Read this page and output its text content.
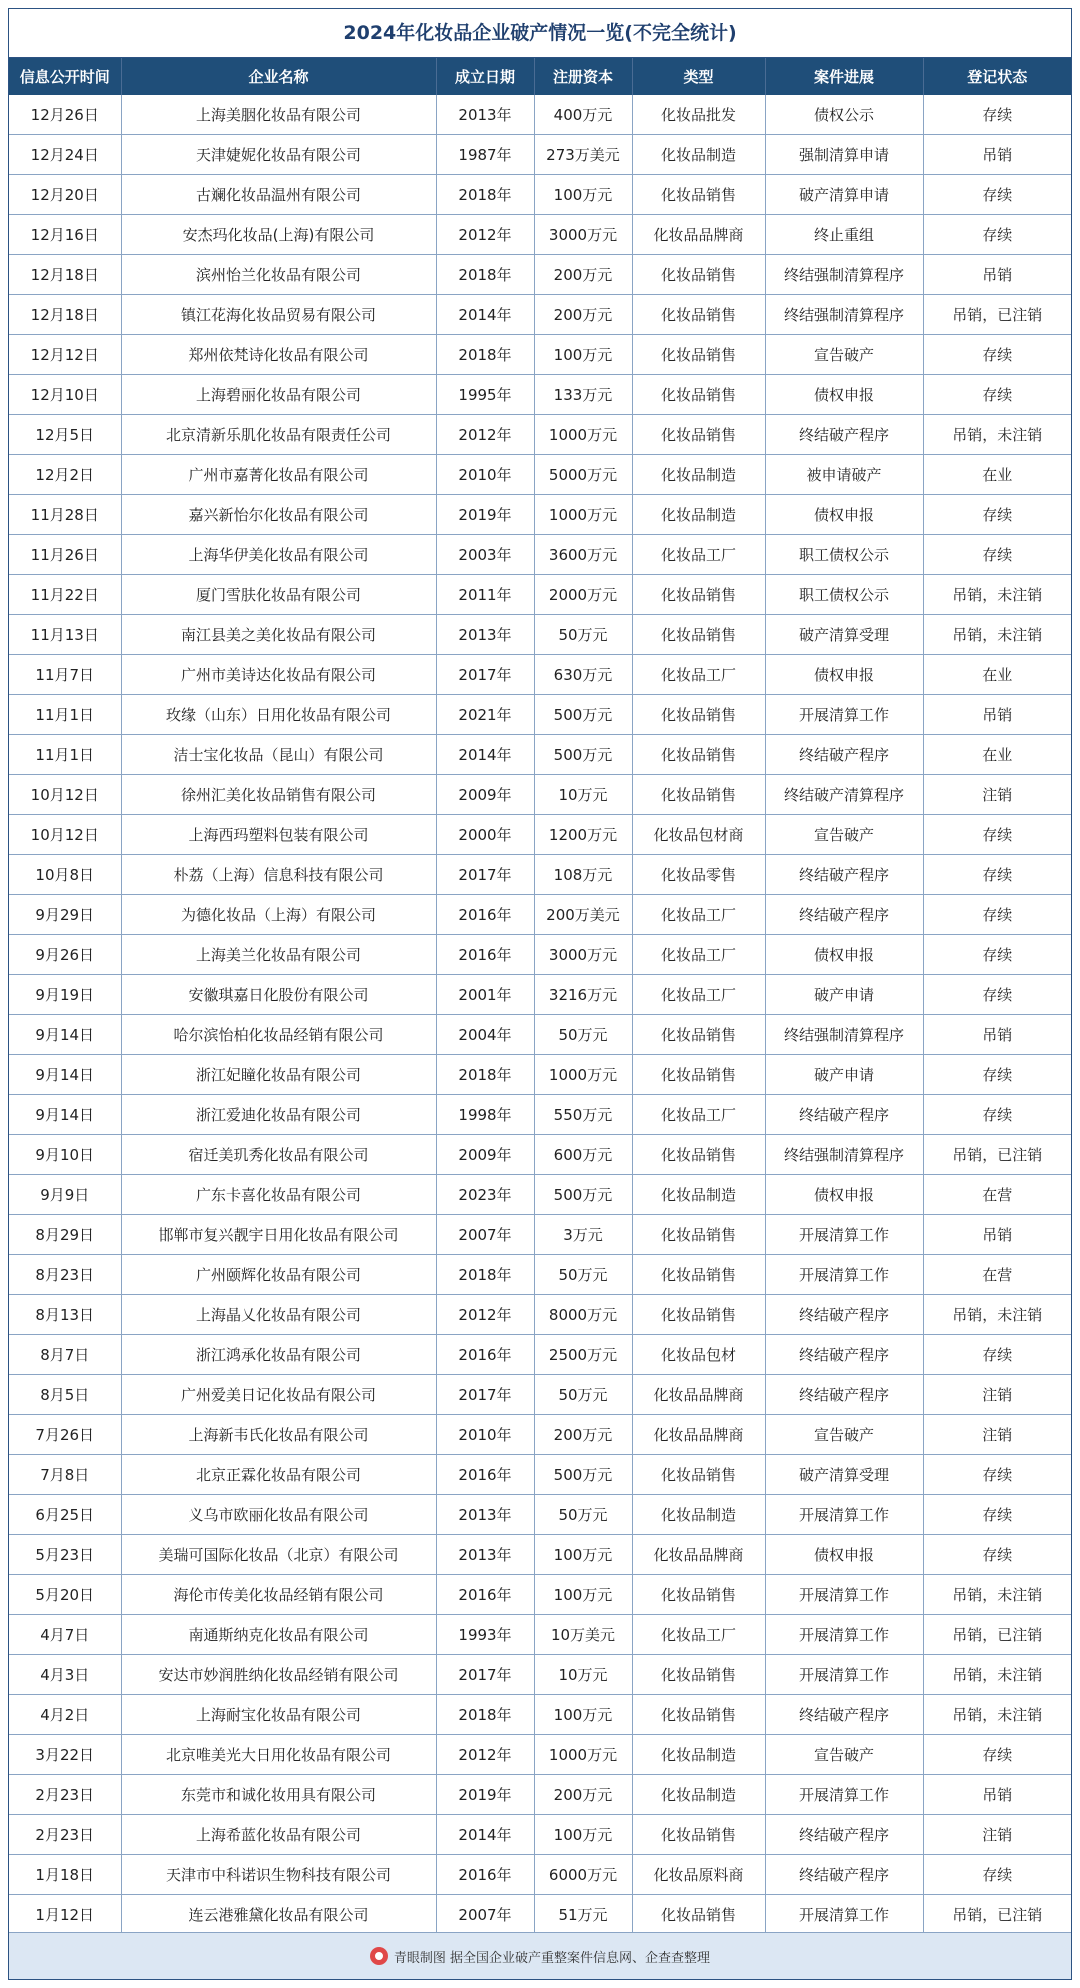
2024年化妆品企业破产情况一览(不完全统计)
信息公开时间	企业名称	成立日期	注册资本	类型	案件进展	登记状态
12月26日	上海美胭化妆品有限公司	2013年	400万元	化妆品批发	债权公示	存续
12月24日	天津婕妮化妆品有限公司	1987年	273万美元	化妆品制造	强制清算申请	吊销
12月20日	古斓化妆品温州有限公司	2018年	100万元	化妆品销售	破产清算申请	存续
12月16日	安杰玛化妆品(上海)有限公司	2012年	3000万元	化妆品品牌商	终止重组	存续
12月18日	滨州怡兰化妆品有限公司	2018年	200万元	化妆品销售	终结强制清算程序	吊销
12月18日	镇江花海化妆品贸易有限公司	2014年	200万元	化妆品销售	终结强制清算程序	吊销，已注销
12月12日	郑州依梵诗化妆品有限公司	2018年	100万元	化妆品销售	宣告破产	存续
12月10日	上海碧丽化妆品有限公司	1995年	133万元	化妆品销售	债权申报	存续
12月5日	北京清新乐肌化妆品有限责任公司	2012年	1000万元	化妆品销售	终结破产程序	吊销，未注销
12月2日	广州市嘉菁化妆品有限公司	2010年	5000万元	化妆品制造	被申请破产	在业
11月28日	嘉兴新怡尔化妆品有限公司	2019年	1000万元	化妆品制造	债权申报	存续
11月26日	上海华伊美化妆品有限公司	2003年	3600万元	化妆品工厂	职工债权公示	存续
11月22日	厦门雪肤化妆品有限公司	2011年	2000万元	化妆品销售	职工债权公示	吊销，未注销
11月13日	南江县美之美化妆品有限公司	2013年	50万元	化妆品销售	破产清算受理	吊销，未注销
11月7日	广州市美诗达化妆品有限公司	2017年	630万元	化妆品工厂	债权申报	在业
11月1日	玫缘（山东）日用化妆品有限公司	2021年	500万元	化妆品销售	开展清算工作	吊销
11月1日	洁士宝化妆品（昆山）有限公司	2014年	500万元	化妆品销售	终结破产程序	在业
10月12日	徐州汇美化妆品销售有限公司	2009年	10万元	化妆品销售	终结破产清算程序	注销
10月12日	上海西玛塑料包装有限公司	2000年	1200万元	化妆品包材商	宣告破产	存续
10月8日	朴荔（上海）信息科技有限公司	2017年	108万元	化妆品零售	终结破产程序	存续
9月29日	为德化妆品（上海）有限公司	2016年	200万美元	化妆品工厂	终结破产程序	存续
9月26日	上海美兰化妆品有限公司	2016年	3000万元	化妆品工厂	债权申报	存续
9月19日	安徽琪嘉日化股份有限公司	2001年	3216万元	化妆品工厂	破产申请	存续
9月14日	哈尔滨怡柏化妆品经销有限公司	2004年	50万元	化妆品销售	终结强制清算程序	吊销
9月14日	浙江妃瞳化妆品有限公司	2018年	1000万元	化妆品销售	破产申请	存续
9月14日	浙江爱迪化妆品有限公司	1998年	550万元	化妆品工厂	终结破产程序	存续
9月10日	宿迁美玑秀化妆品有限公司	2009年	600万元	化妆品销售	终结强制清算程序	吊销，已注销
9月9日	广东卡喜化妆品有限公司	2023年	500万元	化妆品制造	债权申报	在营
8月29日	邯郸市复兴靓宇日用化妆品有限公司	2007年	3万元	化妆品销售	开展清算工作	吊销
8月23日	广州颐辉化妆品有限公司	2018年	50万元	化妆品销售	开展清算工作	在营
8月13日	上海晶乂化妆品有限公司	2012年	8000万元	化妆品销售	终结破产程序	吊销，未注销
8月7日	浙江鸿承化妆品有限公司	2016年	2500万元	化妆品包材	终结破产程序	存续
8月5日	广州爱美日记化妆品有限公司	2017年	50万元	化妆品品牌商	终结破产程序	注销
7月26日	上海新韦氏化妆品有限公司	2010年	200万元	化妆品品牌商	宣告破产	注销
7月8日	北京正霖化妆品有限公司	2016年	500万元	化妆品销售	破产清算受理	存续
6月25日	义乌市欧丽化妆品有限公司	2013年	50万元	化妆品制造	开展清算工作	存续
5月23日	美瑞可国际化妆品（北京）有限公司	2013年	100万元	化妆品品牌商	债权申报	存续
5月20日	海伦市传美化妆品经销有限公司	2016年	100万元	化妆品销售	开展清算工作	吊销，未注销
4月7日	南通斯纳克化妆品有限公司	1993年	10万美元	化妆品工厂	开展清算工作	吊销，已注销
4月3日	安达市妙润胜纳化妆品经销有限公司	2017年	10万元	化妆品销售	开展清算工作	吊销，未注销
4月2日	上海耐宝化妆品有限公司	2018年	100万元	化妆品销售	终结破产程序	吊销，未注销
3月22日	北京唯美光大日用化妆品有限公司	2012年	1000万元	化妆品制造	宣告破产	存续
2月23日	东莞市和诚化妆用具有限公司	2019年	200万元	化妆品制造	开展清算工作	吊销
2月23日	上海希蓝化妆品有限公司	2014年	100万元	化妆品销售	终结破产程序	注销
1月18日	天津市中科诺识生物科技有限公司	2016年	6000万元	化妆品原料商	终结破产程序	存续
1月12日	连云港雅黛化妆品有限公司	2007年	51万元	化妆品销售	开展清算工作	吊销，已注销
青眼制图 据全国企业破产重整案件信息网、企查查整理
